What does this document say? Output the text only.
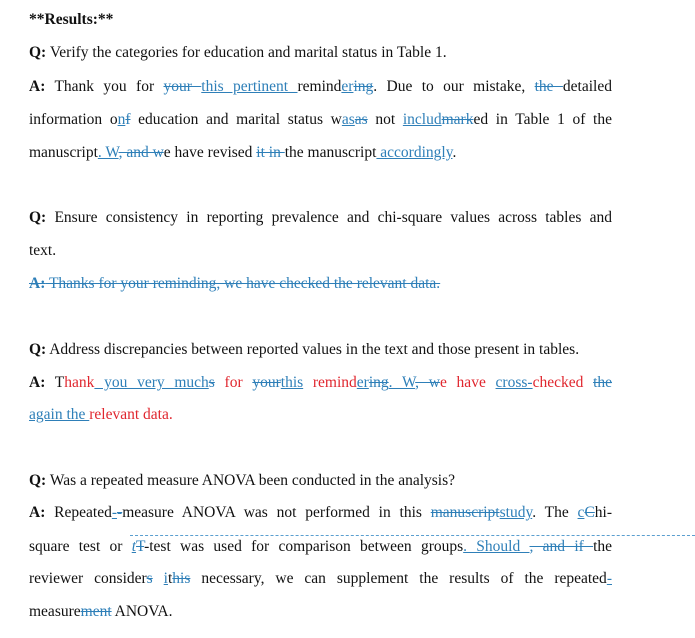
**Results:**
Q: Verify the categories for education and marital status in Table 1.
A: Thank you for your this pertinent remindering. Due to our mistake, the detailed
information onf education and marital status wasas not includmarked in Table 1 of the
manuscript. W, and we have revised it in the manuscript accordingly.
Q: Ensure consistency in reporting prevalence and chi-square values across tables and
text.
A: Thanks for your reminding, we have checked the relevant data.
Q: Address discrepancies between reported values in the text and those present in tables.
A: Thank you very muchs for yourthis remindering. W, we have cross-checked the
again the relevant data.
Q: Was a repeated measure ANOVA been conducted in the analysis?
A: Repeated--measure ANOVA was not performed in this manuscriptstudy. The cChi-
square test or tT-test was used for comparison between groups. Should , and if the
reviewer considers ithis necessary, we can supplement the results of the repeated-
measurement ANOVA.
